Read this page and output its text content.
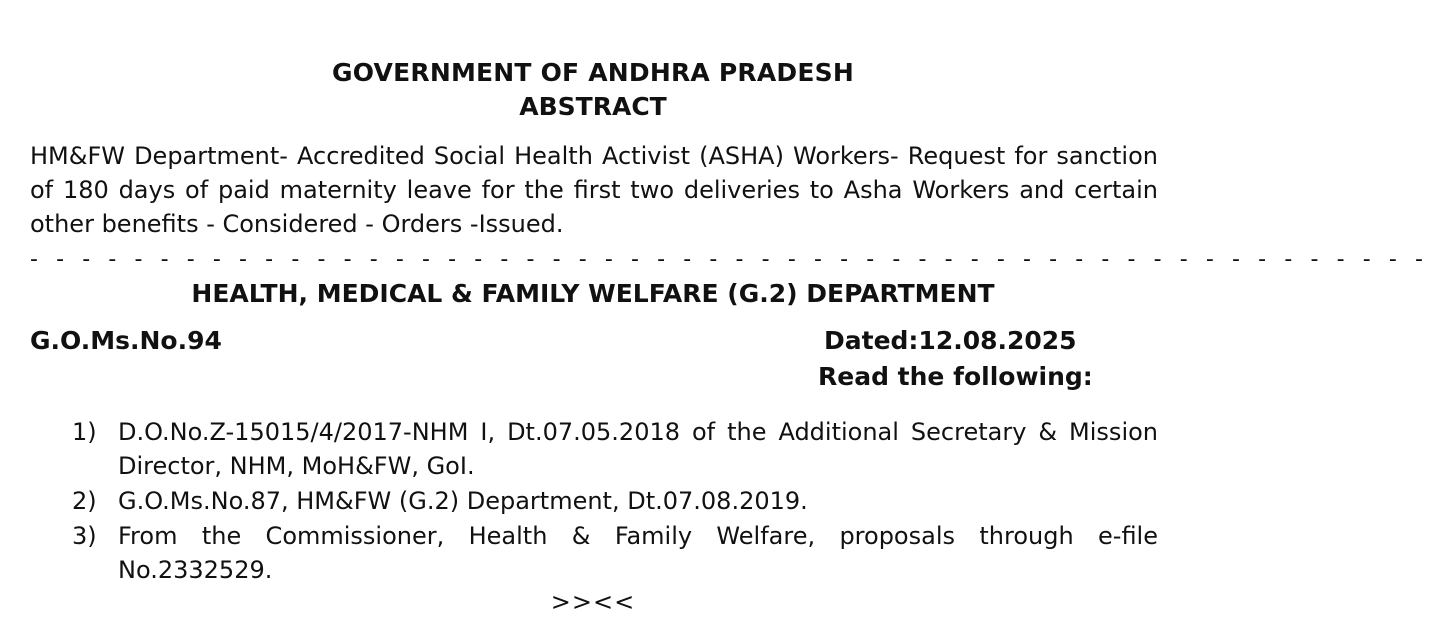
GOVERNMENT OF ANDHRA PRADESH
ABSTRACT
HM&FW Department- Accredited Social Health Activist (ASHA) Workers- Request for sanction of 180 days of paid maternity leave for the first two deliveries to Asha Workers and certain other benefits - Considered - Orders -Issued.
- - - - - - - - - - - - - - - - - - - - - - - - - - - - - - - - - - - - - - - - - - - - - - - - - - - - - -
HEALTH, MEDICAL & FAMILY WELFARE (G.2) DEPARTMENT
G.O.Ms.No.94	Dated:12.08.2025
Read the following:
1) D.O.No.Z-15015/4/2017-NHM I, Dt.07.05.2018 of the Additional Secretary & Mission Director, NHM, MoH&FW, GoI.
2) G.O.Ms.No.87, HM&FW (G.2) Department, Dt.07.08.2019.
3) From the Commissioner, Health & Family Welfare, proposals through e-file No.2332529.
>><<
